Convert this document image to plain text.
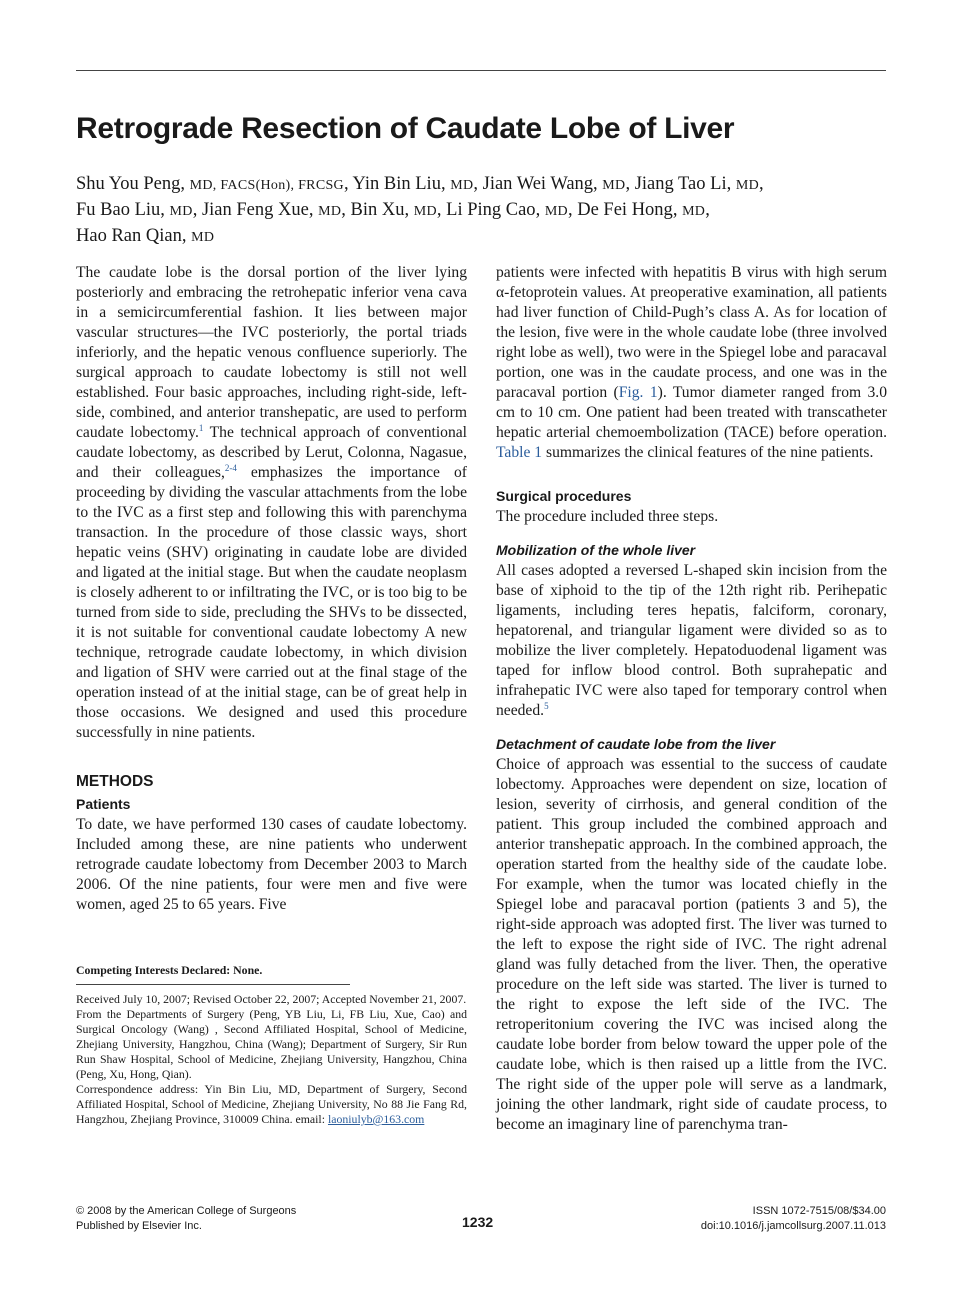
Retrograde Resection of Caudate Lobe of Liver
Shu You Peng, MD, FACS(Hon), FRCSG, Yin Bin Liu, MD, Jian Wei Wang, MD, Jiang Tao Li, MD,
Fu Bao Liu, MD, Jian Feng Xue, MD, Bin Xu, MD, Li Ping Cao, MD, De Fei Hong, MD,
Hao Ran Qian, MD

The caudate lobe is the dorsal portion of the liver lying posteriorly and embracing the retrohepatic inferior vena cava in a semicircumferential fashion. It lies between major vascular structures—the IVC posteriorly, the portal triads inferiorly, and the hepatic venous confluence superiorly. The surgical approach to caudate lobectomy is still not well established. Four basic approaches, including right-side, left-side, combined, and anterior transhepatic, are used to perform caudate lobectomy.$^1$ The technical approach of conventional caudate lobectomy, as described by Lerut, Colonna, Nagasue, and their colleagues,$^{2-4}$ emphasizes the importance of proceeding by dividing the vascular attachments from the lobe to the IVC as a first step and following this with parenchyma transaction. In the procedure of those classic ways, short hepatic veins (SHV) originating in caudate lobe are divided and ligated at the initial stage. But when the caudate neoplasm is closely adherent to or infiltrating the IVC, or is too big to be turned from side to side, precluding the SHVs to be dissected, it is not suitable for conventional caudate lobectomy A new technique, retrograde caudate lobectomy, in which division and ligation of SHV were carried out at the final stage of the operation instead of at the initial stage, can be of great help in those occasions. We designed and used this procedure successfully in nine patients.

METHODS
Patients

To date, we have performed 130 cases of caudate lobectomy. Included among these, are nine patients who underwent retrograde caudate lobectomy from December 2003 to March 2006. Of the nine patients, four were men and five were women, aged 25 to 65 years. Five

patients were infected with hepatitis B virus with high serum α-fetoprotein values. At preoperative examination, all patients had liver function of Child-Pugh’s class A. As for location of the lesion, five were in the whole caudate lobe (three involved right lobe as well), two were in the Spiegel lobe and paracaval portion, one was in the caudate process, and one was in the paracaval portion (Fig. 1). Tumor diameter ranged from 3.0 cm to 10 cm. One patient had been treated with transcatheter hepatic arterial chemoembolization (TACE) before operation. Table 1 summarizes the clinical features of the nine patients.

Surgical procedures

The procedure included three steps.

Mobilization of the whole liver

All cases adopted a reversed L-shaped skin incision from the base of xiphoid to the tip of the 12th right rib. Perihepatic ligaments, including teres hepatis, falciform, coronary, hepatorenal, and triangular ligament were divided so as to mobilize the liver completely. Hepatoduodenal ligament was taped for inflow blood control. Both suprahepatic and infrahepatic IVC were also taped for temporary control when needed.$^5$

Detachment of caudate lobe from the liver

Choice of approach was essential to the success of caudate lobectomy. Approaches were dependent on size, location of lesion, severity of cirrhosis, and general condition of the patient. This group included the combined approach and anterior transhepatic approach. In the combined approach, the operation started from the healthy side of the caudate lobe. For example, when the tumor was located chiefly in the Spiegel lobe and paracaval portion (patients 3 and 5), the right-side approach was adopted first. The liver was turned to the left to expose the right side of IVC. The right adrenal gland was fully detached from the liver. Then, the operative procedure on the left side was started. The liver is turned to the right to expose the left side of the IVC. The retroperitonium covering the IVC was incised along the caudate lobe border from below toward the upper pole of the caudate lobe, which is then raised up a little from the IVC. The right side of the upper pole will serve as a landmark, joining the other landmark, right side of caudate process, to become an imaginary line of parenchyma tran-

Competing Interests Declared: None.

Received July 10, 2007; Revised October 22, 2007; Accepted November 21, 2007.

From the Departments of Surgery (Peng, YB Liu, Li, FB Liu, Xue, Cao) and Surgical Oncology (Wang) , Second Affiliated Hospital, School of Medicine, Zhejiang University, Hangzhou, China (Wang); Department of Surgery, Sir Run Run Shaw Hospital, School of Medicine, Zhejiang University, Hangzhou, China (Peng, Xu, Hong, Qian).

Correspondence address: Yin Bin Liu, MD, Department of Surgery, Second Affiliated Hospital, School of Medicine, Zhejiang University, No 88 Jie Fang Rd, Hangzhou, Zhejiang Province, 310009 China. email: laoniulyb@163.com

© 2008 by the American College of Surgeons
Published by Elsevier Inc.	1232
ISSN 1072-7515/08/$34.00
doi:10.1016/j.jamcollsurg.2007.11.013
